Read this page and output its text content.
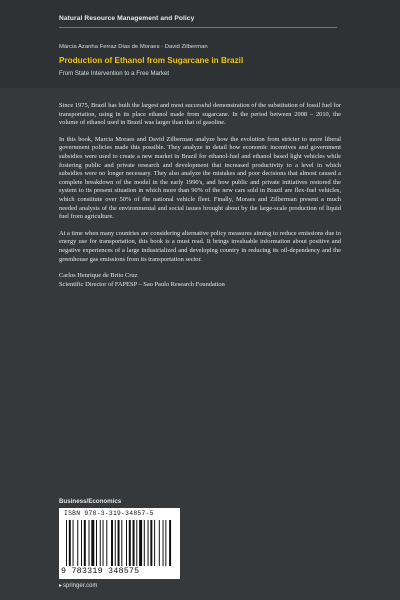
Natural Resource Management and Policy
Márcia Azanha Ferraz Dias de Moraes · David Zilberman
Production of Ethanol from Sugarcane in Brazil
From State Intervention to a Free Market

Since 1975, Brazil has built the largest and most successful demonstration of the substitution of fossil fuel for transportation, using in its place ethanol made from sugarcane. In the period between 2008 – 2010, the volume of ethanol used in Brazil was larger than that of gasoline.

In this book, Marcia Moraes and David Zilberman analyze how the evolution from stricter to more liberal government policies made this possible. They analyze in detail how economic incentives and government subsidies were used to create a new market in Brazil for ethanol-fuel and ethanol based light vehicles while fostering public and private research and development that increased productivity to a level in which subsidies were no longer necessary. They also analyze the mistakes and poor decisions that almost caused a complete breakdown of the model in the early 1990's, and how public and private initiatives restored the system to its present situation in which more than 90% of the new cars sold in Brazil are flex-fuel vehicles, which constitute over 50% of the national vehicle fleet. Finally, Moraes and Zilberman present a much needed analysis of the environmental and social issues brought about by the large-scale production of liquid fuel from agriculture.

At a time when many countries are considering alternative policy measures aiming to reduce emissions due to energy use for transportation, this book is a must read. It brings invaluable information about positive and negative experiences of a large industrialized and developing country in reducing its oil-dependency and the greenhouse gas emissions from its transportation sector.

Carlos Henrique de Brito Cruz
Scientific Director of FAPESP – Sao Paulo Research Foundation
Business/Economics
ISBN 978-3-319-34857-5
9 783319 348575
▸springer.com
